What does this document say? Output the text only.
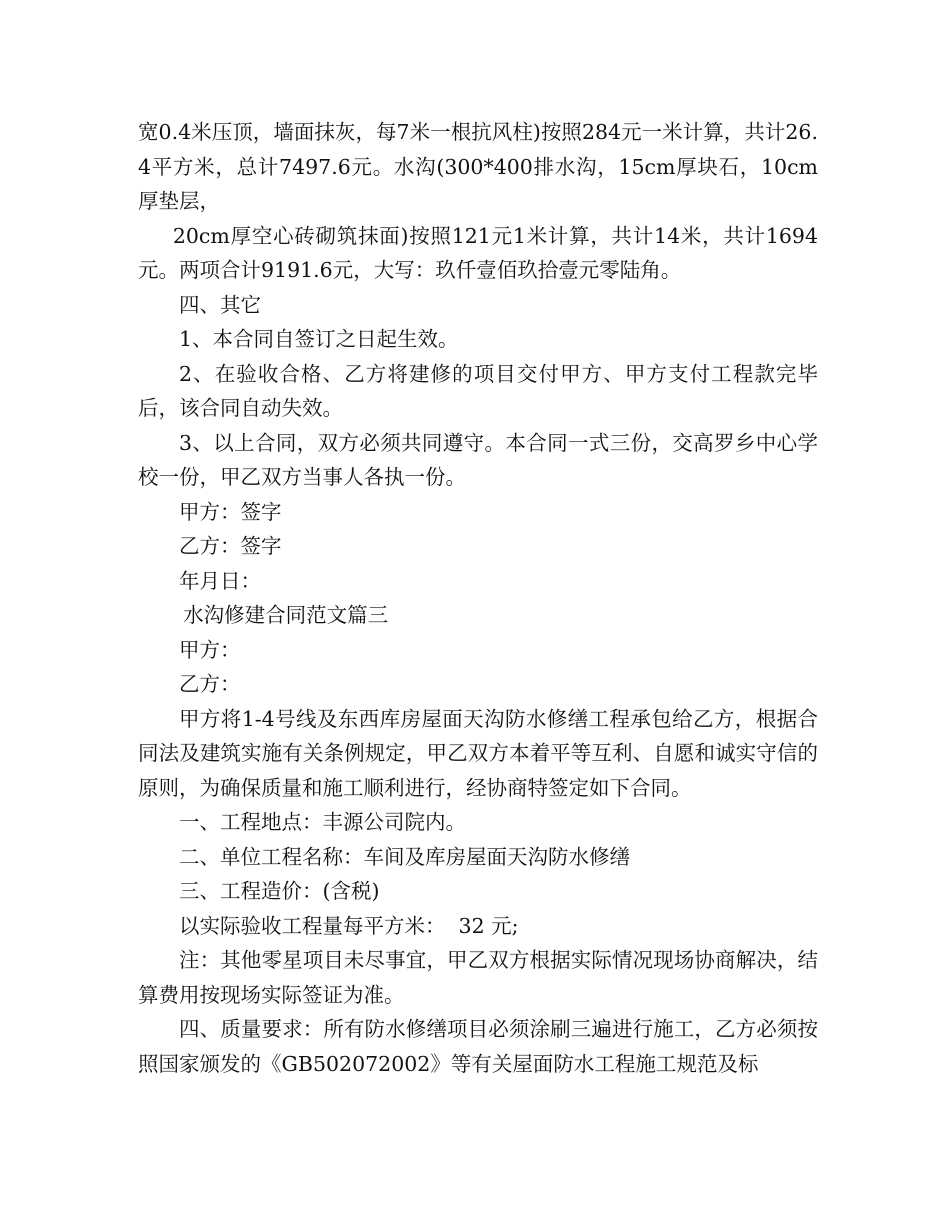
宽0.4米压顶，墙面抹灰，每7米一根抗风柱)按照284元一米计算，共计26.4平方米，总计7497.6元。水沟(300*400排水沟，15cm厚块石，10cm厚垫层，

20cm厚空心砖砌筑抹面)按照121元1米计算，共计14米，共计1694元。两项合计9191.6元，大写：玖仟壹佰玖拾壹元零陆角。

四、其它

1、本合同自签订之日起生效。

2、在验收合格、乙方将建修的项目交付甲方、甲方支付工程款完毕后，该合同自动失效。

3、以上合同，双方必须共同遵守。本合同一式三份，交高罗乡中心学校一份，甲乙双方当事人各执一份。

甲方：签字

乙方：签字

年月日：

水沟修建合同范文篇三

甲方：

乙方：

甲方将1-4号线及东西库房屋面天沟防水修缮工程承包给乙方，根据合同法及建筑实施有关条例规定，甲乙双方本着平等互利、自愿和诚实守信的原则，为确保质量和施工顺利进行，经协商特签定如下合同。

一、工程地点：丰源公司院内。

二、单位工程名称：车间及库房屋面天沟防水修缮

三、工程造价：(含税)

以实际验收工程量每平方米：  32 元;

注：其他零星项目未尽事宜，甲乙双方根据实际情况现场协商解决，结算费用按现场实际签证为准。

四、质量要求：所有防水修缮项目必须涂刷三遍进行施工，乙方必须按照国家颁发的《GB502072002》等有关屋面防水工程施工规范及标
